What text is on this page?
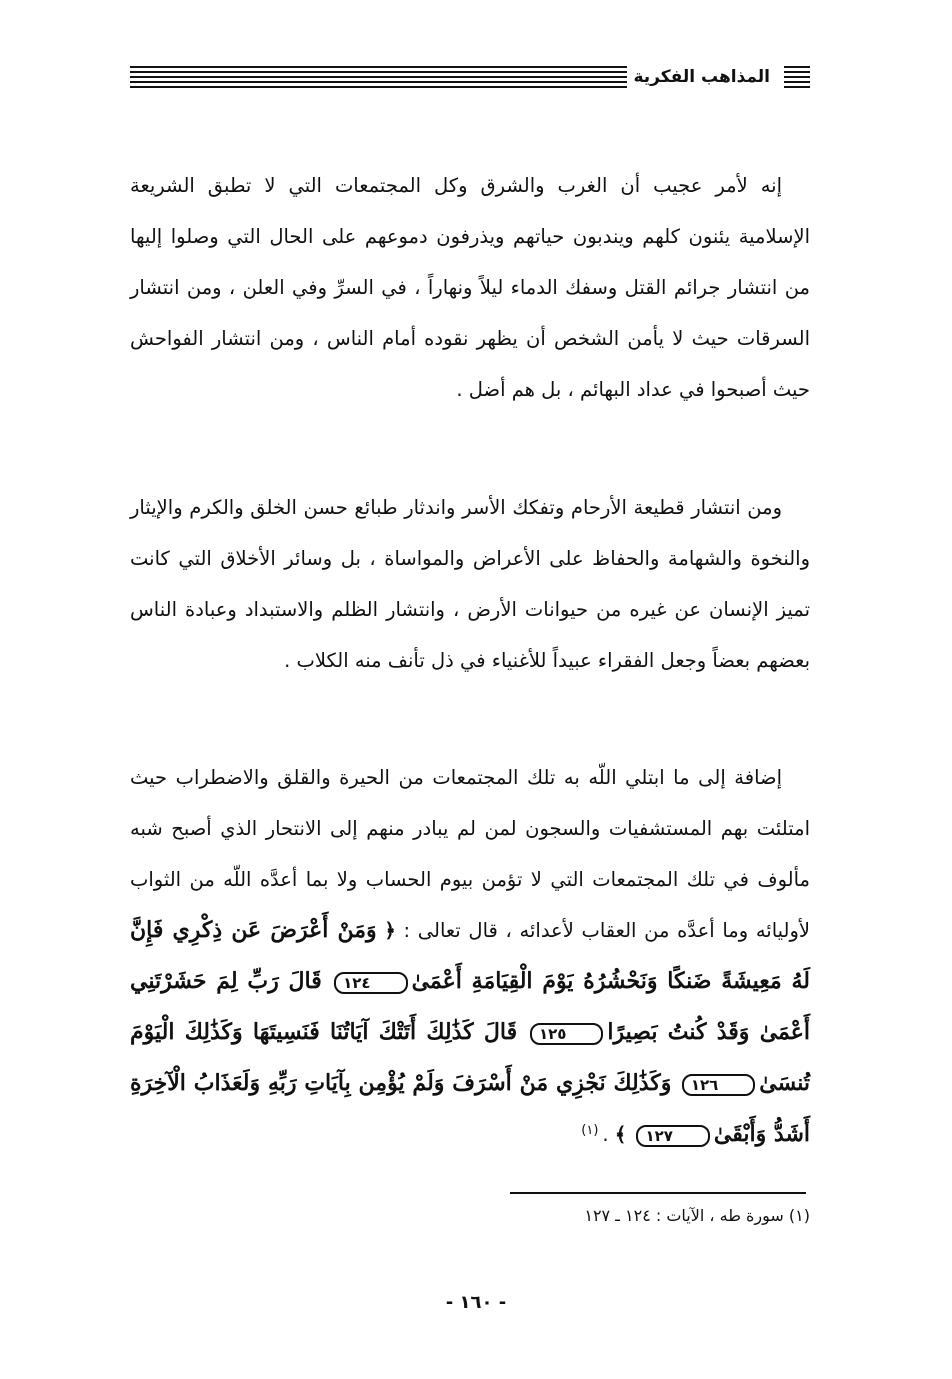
المذاهب الفكرية

إنه لأمر عجيب أن الغرب والشرق وكل المجتمعات التي لا تطبق الشريعة الإسلامية يئنون كلهم ويندبون حياتهم ويذرفون دموعهم على الحال التي وصلوا إليها من انتشار جرائم القتل وسفك الدماء ليلاً ونهاراً ، في السرِّ وفي العلن ، ومن انتشار السرقات حيث لا يأمن الشخص أن يظهر نقوده أمام الناس ، ومن انتشار الفواحش حيث أصبحوا في عداد البهائم ، بل هم أضل .

ومن انتشار قطيعة الأرحام وتفكك الأسر واندثار طبائع حسن الخلق والكرم والإيثار والنخوة والشهامة والحفاظ على الأعراض والمواساة ، بل وسائر الأخلاق التي كانت تميز الإنسان عن غيره من حيوانات الأرض ، وانتشار الظلم والاستبداد وعبادة الناس بعضهم بعضاً وجعل الفقراء عبيداً للأغنياء في ذل تأنف منه الكلاب .

إضافة إلى ما ابتلي اللّه به تلك المجتمعات من الحيرة والقلق والاضطراب حيث امتلئت بهم المستشفيات والسجون لمن لم يبادر منهم إلى الانتحار الذي أصبح شبه مألوف في تلك المجتمعات التي لا تؤمن بيوم الحساب ولا بما أعدَّه اللّه من الثواب لأوليائه وما أعدَّه من العقاب لأعدائه ، قال تعالى : ﴿ وَمَنْ أَعْرَضَ عَن ذِكْرِي فَإِنَّ لَهُ مَعِيشَةً ضَنكًا وَنَحْشُرُهُ يَوْمَ الْقِيَامَةِ أَعْمَىٰ١٢٤ قَالَ رَبِّ لِمَ حَشَرْتَنِي أَعْمَىٰ وَقَدْ كُنتُ بَصِيرًا١٢٥ قَالَ كَذَٰلِكَ أَتَتْكَ آيَاتُنَا فَنَسِيتَهَا وَكَذَٰلِكَ الْيَوْمَ تُنسَىٰ١٢٦ وَكَذَٰلِكَ نَجْزِي مَنْ أَسْرَفَ وَلَمْ يُؤْمِن بِآيَاتِ رَبِّهِ وَلَعَذَابُ الْآخِرَةِ أَشَدُّ وَأَبْقَىٰ١٢٧ ﴾ .$^{(١)}$

(١) سورة طه ، الآيات : ١٢٤ ـ ١٢٧
- ١٦٠ -
